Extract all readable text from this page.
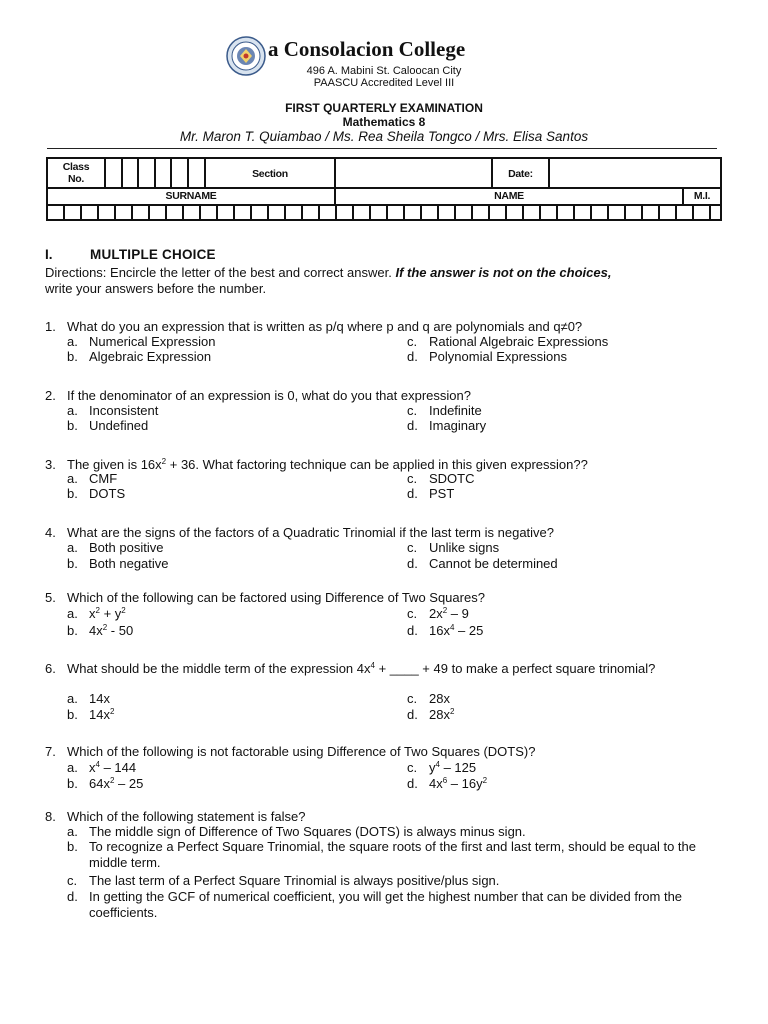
a Consolacion College
496 A. Mabini St. Caloocan City
PAASCU Accredited Level III
FIRST QUARTERLY EXAMINATION
Mathematics 8
Mr. Maron T. Quiambao / Ms. Rea Sheila Tongco / Mrs. Elisa Santos
Class
No.	Section	Date:
SURNAME	NAME	M.I.
I.	MULTIPLE CHOICE
Directions: Encircle the letter of the best and correct answer. If the answer is not on the choices,
write your answers before the number.
1. What do you an expression that is written as p/q where p and q are polynomials and q≠0?
a. Numerical Expression	c. Rational Algebraic Expressions
b. Algebraic Expression	d. Polynomial Expressions
2. If the denominator of an expression is 0, what do you that expression?
a. Inconsistent	c. Indefinite
b. Undefined	d. Imaginary
3. The given is $16x^2 + 36$. What factoring technique can be applied in this given expression??
a. CMF	c. SDOTC
b. DOTS	d. PST
4. What are the signs of the factors of a Quadratic Trinomial if the last term is negative?
a. Both positive	c. Unlike signs
b. Both negative	d. Cannot be determined
5. Which of the following can be factored using Difference of Two Squares?
a. $x^2 + y^2$	c. $2x^2 - 9$
b. $4x^2 - 50$	d. $16x^4 - 25$
6. What should be the middle term of the expression $4x^4$ + ____ + 49 to make a perfect square trinomial?
a. 14x	c. 28x
b. $14x^2$	d. $28x^2$
7. Which of the following is not factorable using Difference of Two Squares (DOTS)?
a. $x^4 - 144$	c. $y^4 - 125$
b. $64x^2 - 25$	d. $4x^6 - 16y^2$
8. Which of the following statement is false?
a. The middle sign of Difference of Two Squares (DOTS) is always minus sign.
b. To recognize a Perfect Square Trinomial, the square roots of the first and last term, should be equal to the middle term.
c. The last term of a Perfect Square Trinomial is always positive/plus sign.
d. In getting the GCF of numerical coefficient, you will get the highest number that can be divided from the coefficients.
